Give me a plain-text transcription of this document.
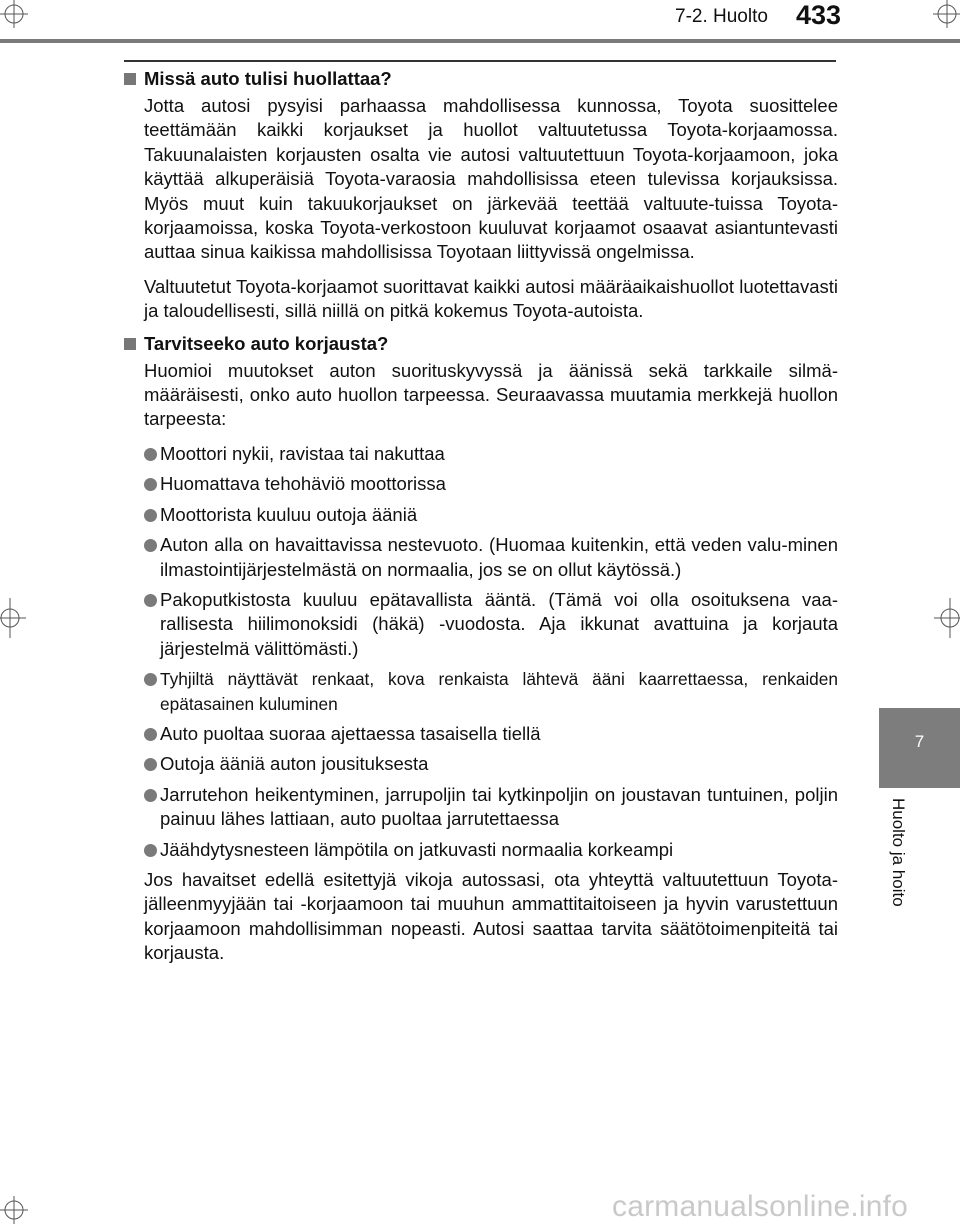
7-2. Huolto 433
7
Huolto ja hoito
Missä auto tulisi huollattaa?

Jotta autosi pysyisi parhaassa mahdollisessa kunnossa, Toyota suosittelee teettämään kaikki korjaukset ja huollot valtuutetussa Toyota-korjaamossa. Takuunalaisten korjausten osalta vie autosi valtuutettuun Toyota-korjaamoon, joka käyttää alkuperäisiä Toyota-varaosia mahdollisissa eteen tulevissa korjauksissa. Myös muut kuin takuukorjaukset on järkevää teettää valtuute-tuissa Toyota-korjaamoissa, koska Toyota-verkostoon kuuluvat korjaamot osaavat asiantuntevasti auttaa sinua kaikissa mahdollisissa Toyotaan liittyvissä ongelmissa.

Valtuutetut Toyota-korjaamot suorittavat kaikki autosi määräaikaishuollot luotettavasti ja taloudellisesti, sillä niillä on pitkä kokemus Toyota-autoista.

Tarvitseeko auto korjausta?

Huomioi muutokset auton suorituskyvyssä ja äänissä sekä tarkkaile silmä-määräisesti, onko auto huollon tarpeessa. Seuraavassa muutamia merkkejä huollon tarpeesta:

Moottori nykii, ravistaa tai nakuttaa
Huomattava tehohäviö moottorissa
Moottorista kuuluu outoja ääniä
Auton alla on havaittavissa nestevuoto. (Huomaa kuitenkin, että veden valu-minen ilmastointijärjestelmästä on normaalia, jos se on ollut käytössä.)
Pakoputkistosta kuuluu epätavallista ääntä. (Tämä voi olla osoituksena vaa-rallisesta hiilimonoksidi (häkä) -vuodosta. Aja ikkunat avattuina ja korjauta järjestelmä välittömästi.)
Tyhjiltä näyttävät renkaat, kova renkaista lähtevä ääni kaarrettaessa, renkaiden epätasainen kuluminen
Auto puoltaa suoraa ajettaessa tasaisella tiellä
Outoja ääniä auton jousituksesta
Jarrutehon heikentyminen, jarrupoljin tai kytkinpoljin on joustavan tuntuinen, poljin painuu lähes lattiaan, auto puoltaa jarrutettaessa
Jäähdytysnesteen lämpötila on jatkuvasti normaalia korkeampi

Jos havaitset edellä esitettyjä vikoja autossasi, ota yhteyttä valtuutettuun Toyota-jälleenmyyjään tai -korjaamoon tai muuhun ammattitaitoiseen ja hyvin varustettuun korjaamoon mahdollisimman nopeasti. Autosi saattaa tarvita säätötoimenpiteitä tai korjausta.

carmanualsonline.info
